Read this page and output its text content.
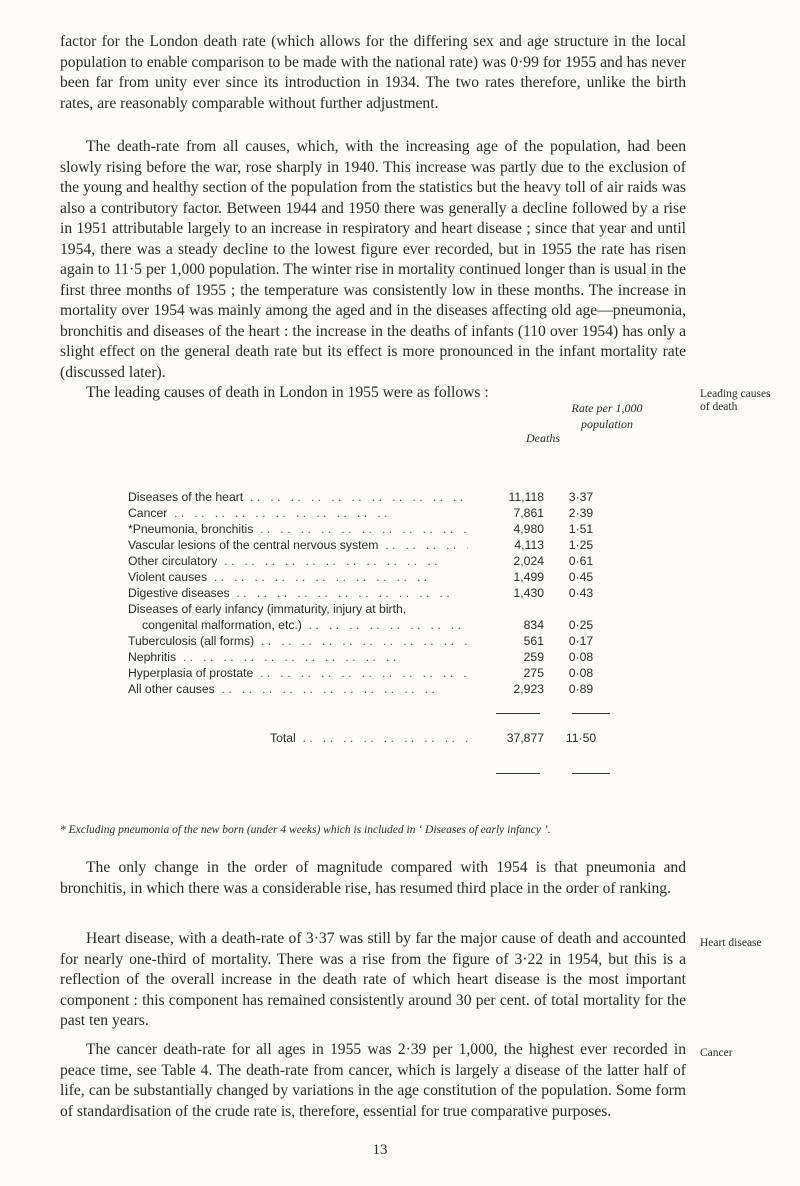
factor for the London death rate (which allows for the differing sex and age structure in the local population to enable comparison to be made with the national rate) was 0·99 for 1955 and has never been far from unity ever since its introduction in 1934. The two rates therefore, unlike the birth rates, are reasonably comparable without further adjustment.

The death-rate from all causes, which, with the increasing age of the population, had been slowly rising before the war, rose sharply in 1940. This increase was partly due to the exclusion of the young and healthy section of the population from the statistics but the heavy toll of air raids was also a contributory factor. Between 1944 and 1950 there was generally a decline followed by a rise in 1951 attributable largely to an increase in respiratory and heart disease ; since that year and until 1954, there was a steady decline to the lowest figure ever recorded, but in 1955 the rate has risen again to 11·5 per 1,000 population. The winter rise in mortality continued longer than is usual in the first three months of 1955 ; the temperature was consistently low in these months. The increase in mortality over 1954 was mainly among the aged and in the diseases affecting old age—pneumonia, bronchitis and diseases of the heart : the increase in the deaths of infants (110 over 1954) has only a slight effect on the general death rate but its effect is more pronounced in the infant mortality rate (discussed later).

The leading causes of death in London in 1955 were as follows :	Leading causes of death
Deaths
Rate per 1,000 population
Diseases of the heart . .	11,118	3·37
Cancer . .	7,861	2·39
*Pneumonia, bronchitis . .	4,980	1·51
Vascular lesions of the central nervous system . .	4,113	1·25
Other circulatory . .	2,024	0·61
Violent causes . .	1,499	0·45
Digestive diseases . .	1,430	0·43
Diseases of early infancy (immaturity, injury at birth,
congenital malformation, etc.) . .	834	0·25
Tuberculosis (all forms) . .	561	0·17
Nephritis . .	259	0·08
Hyperplasia of prostate . .	275	0·08
All other causes . .	2,923	0·89
Total . .	37,877	11·50
* Excluding pneumonia of the new born (under 4 weeks) which is included in ‘ Diseases of early infancy ’.

The only change in the order of magnitude compared with 1954 is that pneumonia and bronchitis, in which there was a considerable rise, has resumed third place in the order of ranking.

Heart disease, with a death-rate of 3·37 was still by far the major cause of death and accounted for nearly one-third of mortality. There was a rise from the figure of 3·22 in 1954, but this is a reflection of the overall increase in the death rate of which heart disease is the most important component : this component has remained consistently around 30 per cent. of total mortality for the past ten years.

Heart disease

The cancer death-rate for all ages in 1955 was 2·39 per 1,000, the highest ever recorded in peace time, see Table 4. The death-rate from cancer, which is largely a disease of the latter half of life, can be substantially changed by variations in the age constitution of the population. Some form of standardisation of the crude rate is, therefore, essential for true comparative purposes.

Cancer
13
